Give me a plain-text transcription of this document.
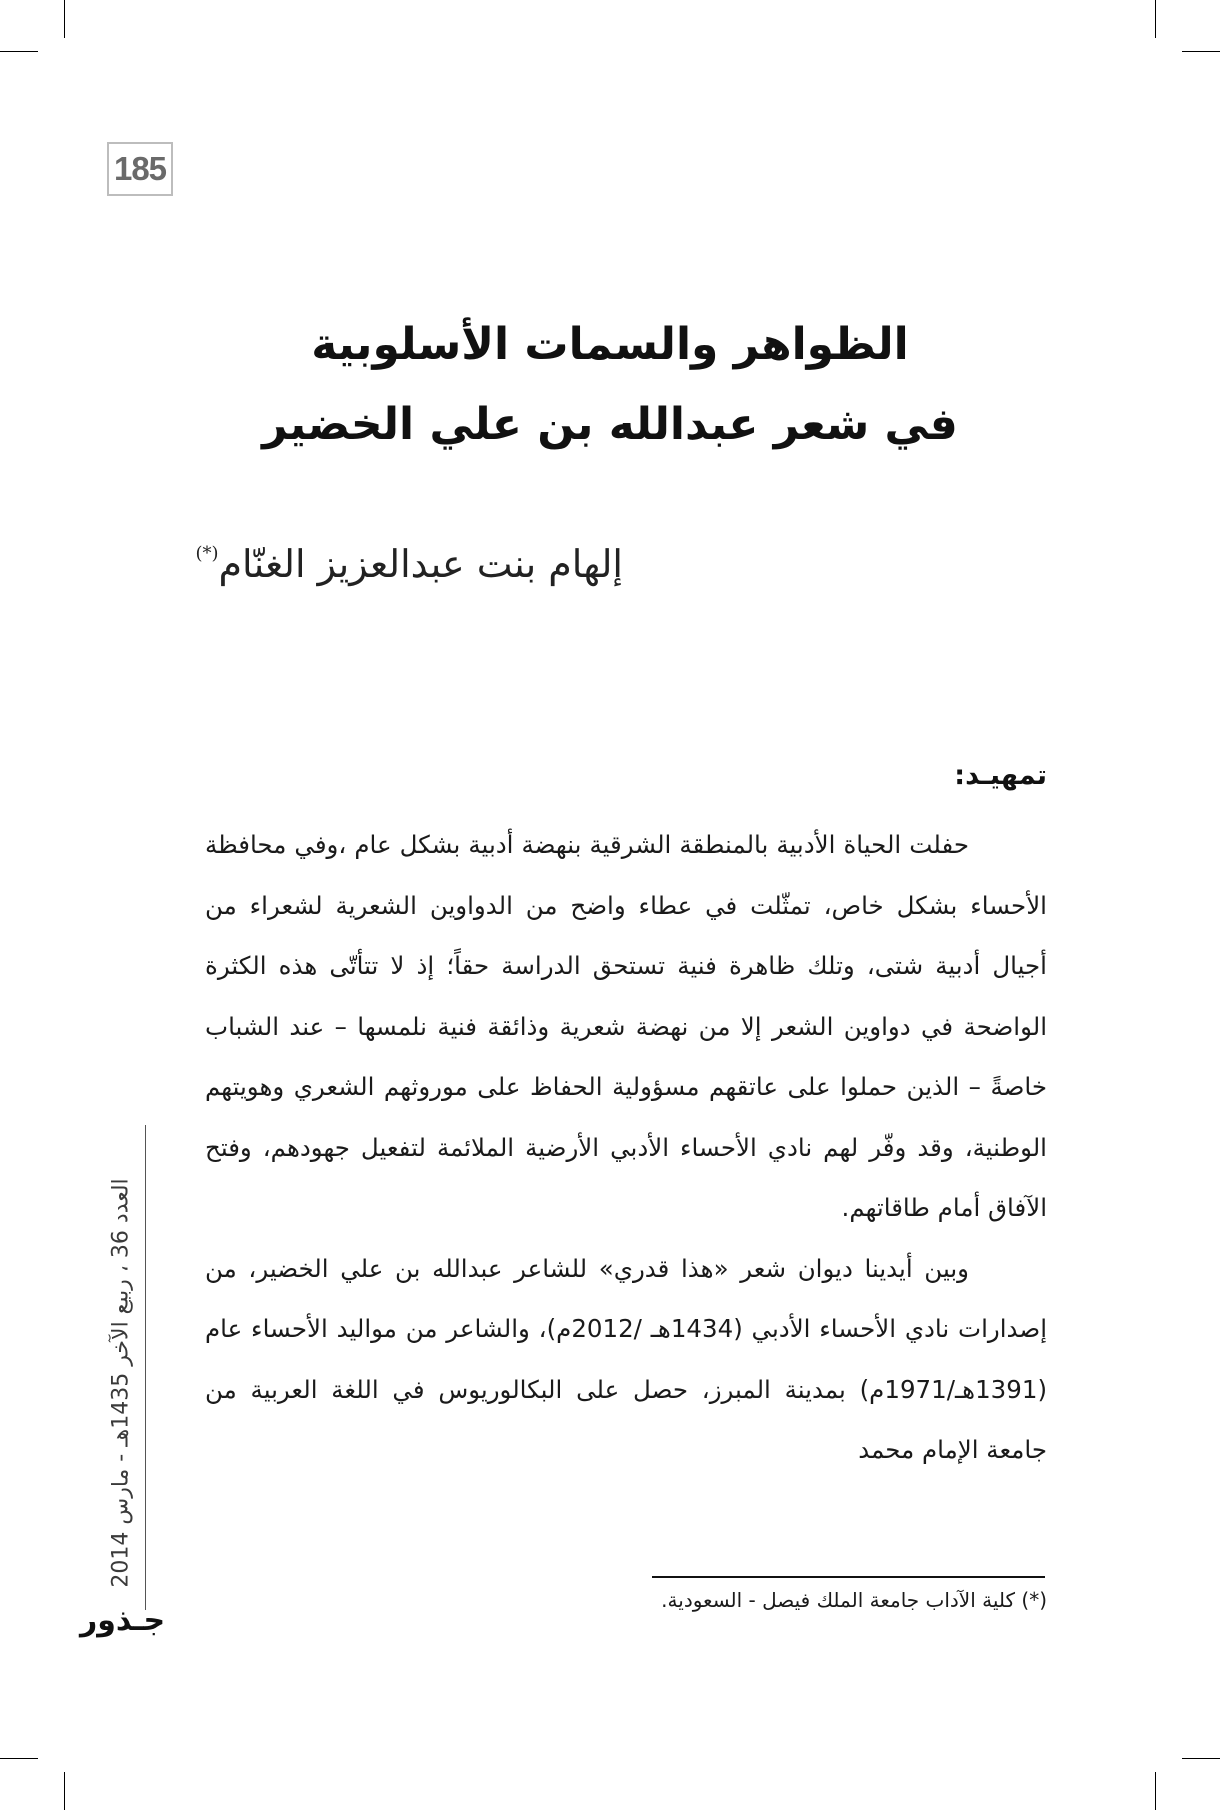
185
الظواهر والسمات الأسلوبية
في شعر عبدالله بن علي الخضير
إلهام بنت عبدالعزيز الغنّام(*)
تمهيـد:

حفلت الحياة الأدبية بالمنطقة الشرقية بنهضة أدبية بشكل عام ،وفي محافظة الأحساء بشكل خاص، تمثّلت في عطاء واضح من الدواوين الشعرية لشعراء من أجيال أدبية شتى، وتلك ظاهرة فنية تستحق الدراسة حقاً؛ إذ لا تتأتّى هذه الكثرة الواضحة في دواوين الشعر إلا من نهضة شعرية وذائقة فنية نلمسها – عند الشباب خاصةً – الذين حملوا على عاتقهم مسؤولية الحفاظ على موروثهم الشعري وهويتهم الوطنية، وقد وفّر لهم نادي الأحساء الأدبي الأرضية الملائمة لتفعيل جهودهم، وفتح الآفاق أمام طاقاتهم.

وبين أيدينا ديوان شعر «هذا قدري» للشاعر عبدالله بن علي الخضير، من إصدارات نادي الأحساء الأدبي (1434هـ /2012م)، والشاعر من مواليد الأحساء عام (1391هـ/1971م) بمدينة المبرز، حصل على البكالوريوس في اللغة العربية من جامعة الإمام محمد

(*) كلية الآداب جامعة الملك فيصل - السعودية.
العدد 36 ، ربيع الآخر 1435هـ - مارس 2014
جـذور
